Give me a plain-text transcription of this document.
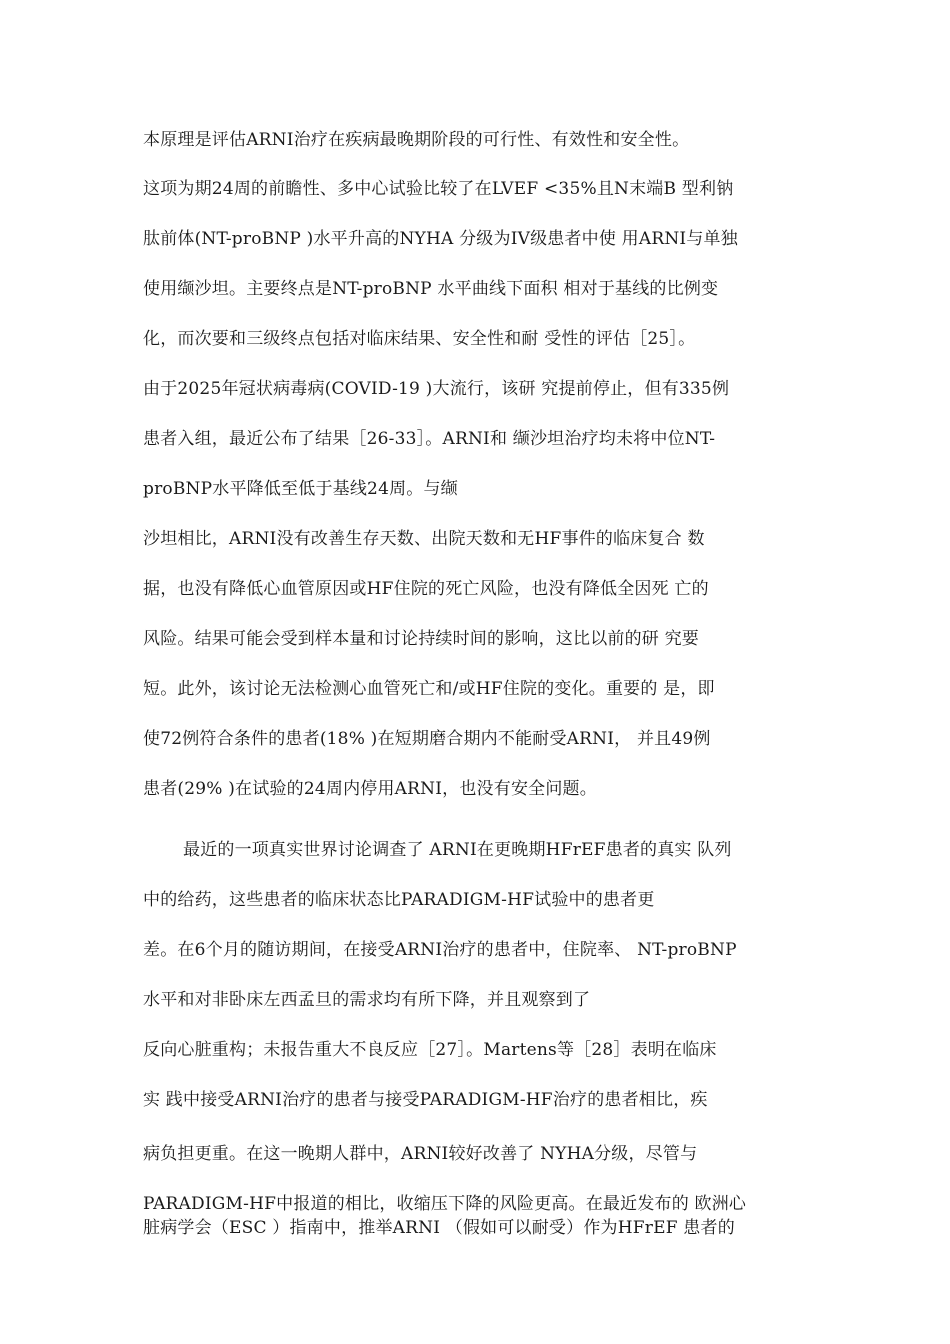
本原理是评估ARNI治疗在疾病最晚期阶段的可行性、有效性和安全性。
这项为期24周的前瞻性、多中心试验比较了在LVEF <35%且N末端B 型利钠
肽前体(NT-proBNP )水平升高的NYHA 分级为IV级患者中使 用ARNI与单独
使用缬沙坦。主要终点是NT-proBNP 水平曲线下面积 相对于基线的比例变
化，而次要和三级终点包括对临床结果、安全性和耐 受性的评估［25］。
由于2025年冠状病毒病(COVID-19 )大流行，该研 究提前停止，但有335例
患者入组，最近公布了结果［26-33］。ARNI和 缬沙坦治疗均未将中位NT-
proBNP水平降低至低于基线24周。与缬
沙坦相比，ARNI没有改善生存天数、出院天数和无HF事件的临床复合 数
据，也没有降低心血管原因或HF住院的死亡风险，也没有降低全因死 亡的
风险。结果可能会受到样本量和讨论持续时间的影响，这比以前的研 究要
短。此外，该讨论无法检测心血管死亡和/或HF住院的变化。重要的 是，即
使72例符合条件的患者(18% )在短期磨合期内不能耐受ARNI， 并且49例
患者(29% )在试验的24周内停用ARNI，也没有安全问题。
最近的一项真实世界讨论调查了 ARNI在更晚期HFrEF患者的真实 队列
中的给药，这些患者的临床状态比PARADIGM-HF试验中的患者更
差。在6个月的随访期间，在接受ARNI治疗的患者中，住院率、 NT-proBNP
水平和对非卧床左西孟旦的需求均有所下降，并且观察到了
反向心脏重构；未报告重大不良反应［27］。Martens等［28］表明在临床
实 践中接受ARNI治疗的患者与接受PARADIGM-HF治疗的患者相比，疾
病负担更重。在这一晚期人群中，ARNI较好改善了 NYHA分级，尽管与
PARADIGM-HF中报道的相比，收缩压下降的风险更高。在最近发布的 欧洲心
脏病学会（ESC ）指南中，推举ARNI （假如可以耐受）作为HFrEF 患者的
